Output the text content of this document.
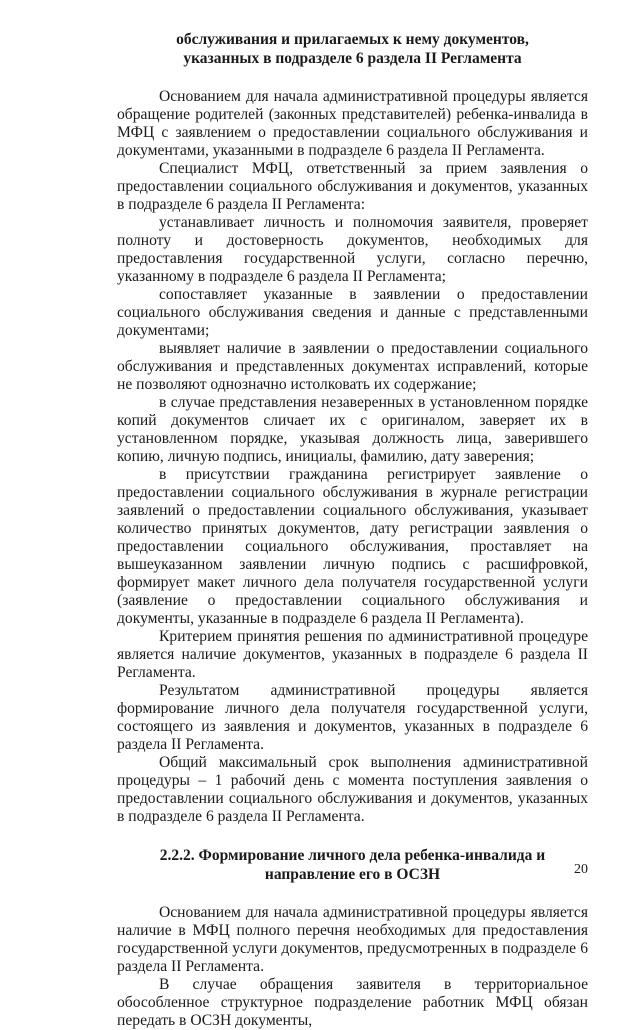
обслуживания и прилагаемых к нему документов,

указанных в подразделе 6 раздела II Регламента

Основанием для начала административной процедуры является обращение родителей (законных представителей) ребенка-инвалида в МФЦ с заявлением о предоставлении социального обслуживания и документами, указанными в подразделе 6 раздела II Регламента.

Специалист МФЦ, ответственный за прием заявления о предоставлении социального обслуживания и документов, указанных в подразделе 6 раздела II Регламента:

устанавливает личность и полномочия заявителя, проверяет полноту и достоверность документов, необходимых для предоставления государственной услуги, согласно перечню, указанному в подразделе 6 раздела II Регламента;

сопоставляет указанные в заявлении о предоставлении социального обслуживания сведения и данные с представленными документами;

выявляет наличие в заявлении о предоставлении социального обслуживания и представленных документах исправлений, которые не позволяют однозначно истолковать их содержание;

в случае представления незаверенных в установленном порядке копий документов сличает их с оригиналом, заверяет их в установленном порядке, указывая должность лица, заверившего копию, личную подпись, инициалы, фамилию, дату заверения;

в присутствии гражданина регистрирует заявление о предоставлении социального обслуживания в журнале регистрации заявлений о предоставлении социального обслуживания, указывает количество принятых документов, дату регистрации заявления о предоставлении социального обслуживания, проставляет на вышеуказанном заявлении личную подпись с расшифровкой, формирует макет личного дела получателя государственной услуги (заявление о предоставлении социального обслуживания и документы, указанные в подразделе 6 раздела II Регламента).

Критерием принятия решения по административной процедуре является наличие документов, указанных в подразделе 6 раздела II Регламента.

Результатом административной процедуры является формирование личного дела получателя государственной услуги, состоящего из заявления и документов, указанных в подразделе 6 раздела II Регламента.

Общий максимальный срок выполнения административной процедуры – 1 рабочий день с момента поступления заявления о предоставлении социального обслуживания и документов, указанных в подразделе 6 раздела II Регламента.

2.2.2. Формирование личного дела ребенка-инвалида и

направление его в ОСЗН

Основанием для начала административной процедуры является наличие в МФЦ полного перечня необходимых для предоставления государственной услуги документов, предусмотренных в подразделе 6 раздела II Регламента.

В случае обращения заявителя в территориальное обособленное структурное подразделение работник МФЦ обязан передать в ОСЗН документы,

20
